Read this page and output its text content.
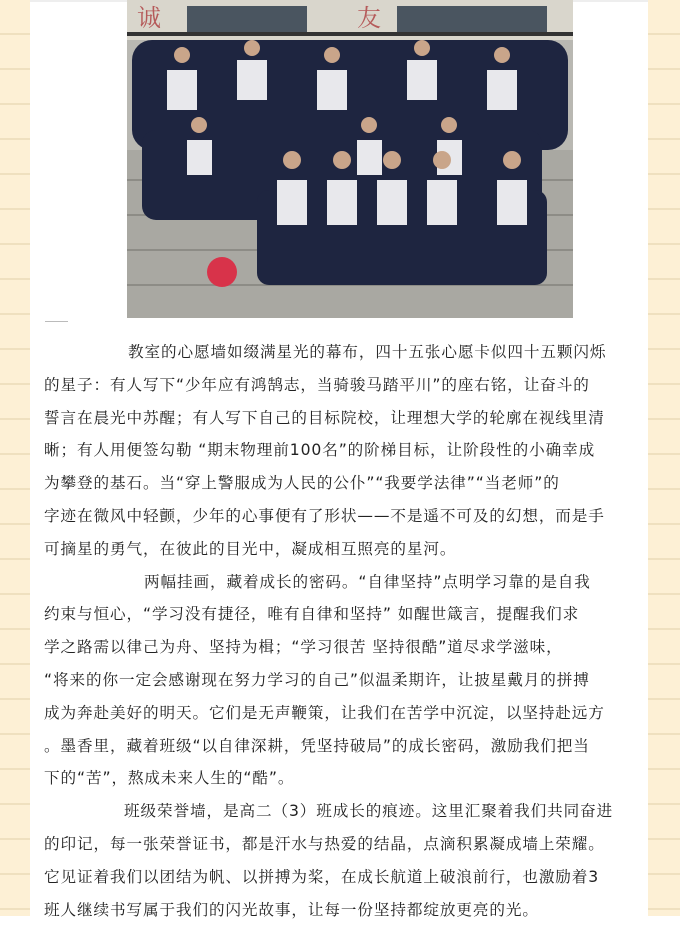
诚	友
教室的心愿墙如缀满星光的幕布，四十五张心愿卡似四十五颗闪烁
的星子：有人写下“少年应有鸿鹄志，当骑骏马踏平川”的座右铭，让奋斗的
誓言在晨光中苏醒；有人写下自己的目标院校，让理想大学的轮廓在视线里清
晰；有人用便签勾勒 “期末物理前100名”的阶梯目标，让阶段性的小确幸成
为攀登的基石。当“穿上警服成为人民的公仆”“我要学法律”“当老师”的
字迹在微风中轻颤，少年的心事便有了形状——不是遥不可及的幻想，而是手
可摘星的勇气，在彼此的目光中，凝成相互照亮的星河。
两幅挂画，藏着成长的密码。“自律坚持”点明学习靠的是自我
约束与恒心，“学习没有捷径，唯有自律和坚持” 如醒世箴言，提醒我们求
学之路需以律己为舟、坚持为楫；“学习很苦 坚持很酷”道尽求学滋味，
“将来的你一定会感谢现在努力学习的自己”似温柔期许，让披星戴月的拼搏
成为奔赴美好的明天。它们是无声鞭策，让我们在苦学中沉淀，以坚持赴远方
。墨香里，藏着班级“以自律深耕，凭坚持破局”的成长密码，激励我们把当
下的“苦”，熬成未来人生的“酷”。
班级荣誉墙，是高二（3）班成长的痕迹。这里汇聚着我们共同奋进
的印记，每一张荣誉证书，都是汗水与热爱的结晶，点滴积累凝成墙上荣耀。
它见证着我们以团结为帆、以拼搏为桨，在成长航道上破浪前行，也激励着3
班人继续书写属于我们的闪光故事，让每一份坚持都绽放更亮的光。
